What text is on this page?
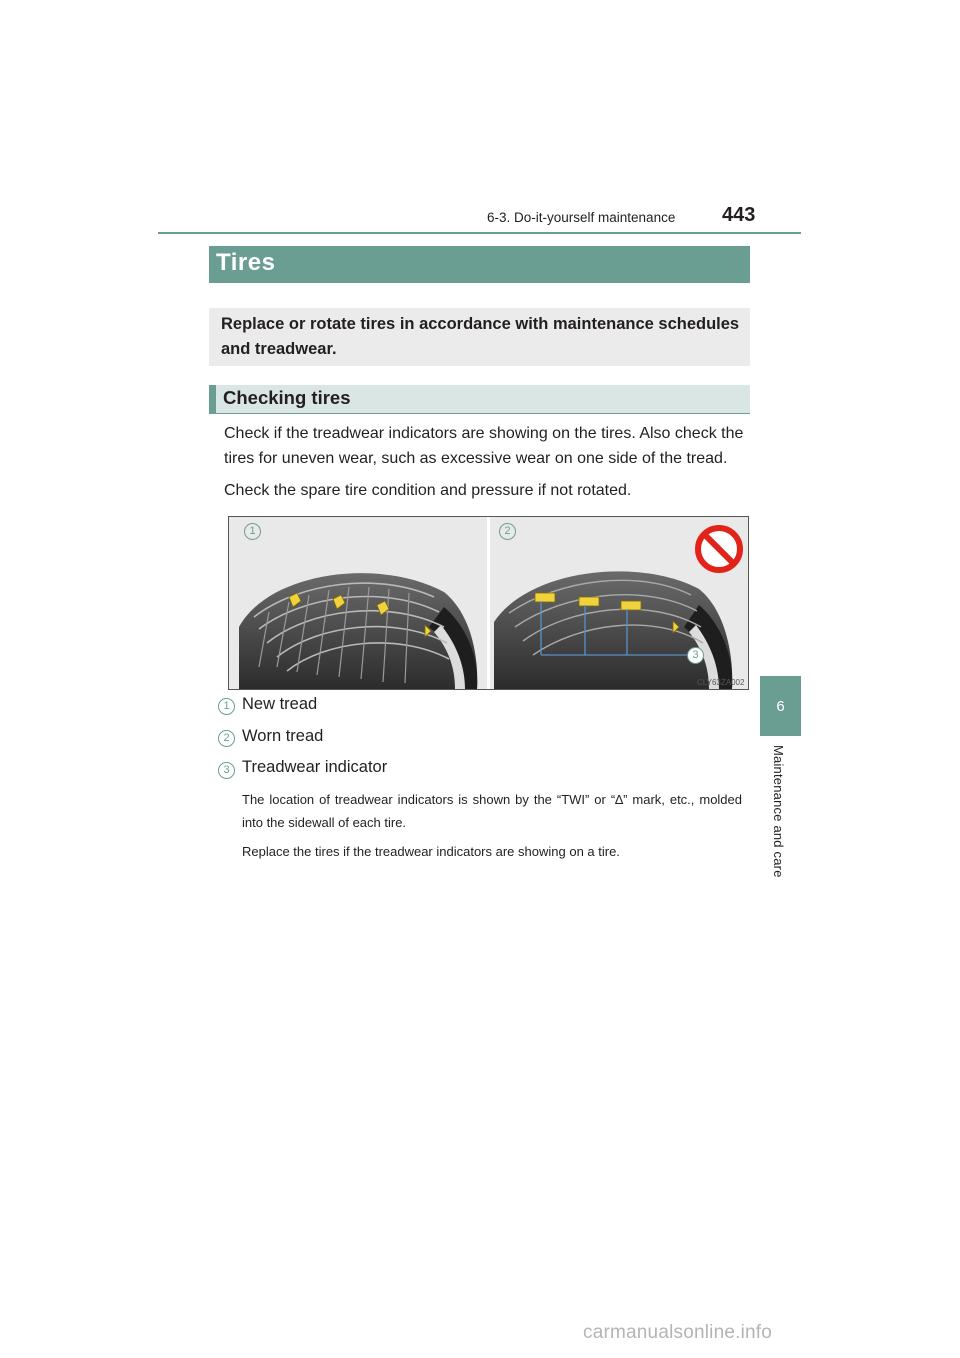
6-3. Do-it-yourself maintenance 443
6
Maintenance and care
Tires
Replace or rotate tires in accordance with maintenance schedules and treadwear.
Checking tires
Check if the treadwear indicators are showing on the tires. Also check the tires for uneven wear, such as excessive wear on one side of the tread.
Check the spare tire condition and pressure if not rotated.
1	2
3
CLY63ZA002
1 New tread
2 Worn tread
3 Treadwear indicator
The location of treadwear indicators is shown by the “TWI” or “∆” mark, etc., molded into the sidewall of each tire.
Replace the tires if the treadwear indicators are showing on a tire.
carmanualsonline.info
